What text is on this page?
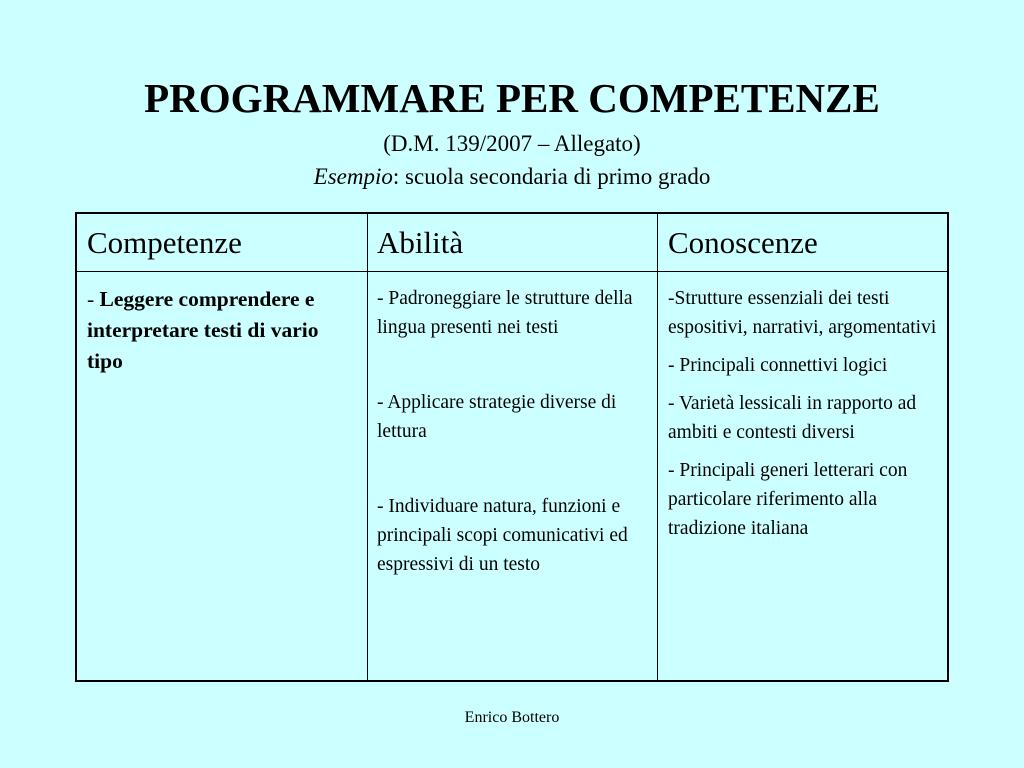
PROGRAMMARE PER COMPETENZE
(D.M. 139/2007 – Allegato)
Esempio: scuola secondaria di primo grado
Competenze	Abilità	Conoscenze
- Leggere comprendere e interpretare testi di vario tipo

- Padroneggiare le strutture della lingua presenti nei testi

- Applicare strategie diverse di lettura

- Individuare natura, funzioni e principali scopi comunicativi ed espressivi di un testo

-Strutture essenziali dei testi espositivi, narrativi, argomentativi

- Principali connettivi logici

- Varietà lessicali in rapporto ad ambiti e contesti diversi

- Principali generi letterari con particolare riferimento alla tradizione italiana

Enrico Bottero
